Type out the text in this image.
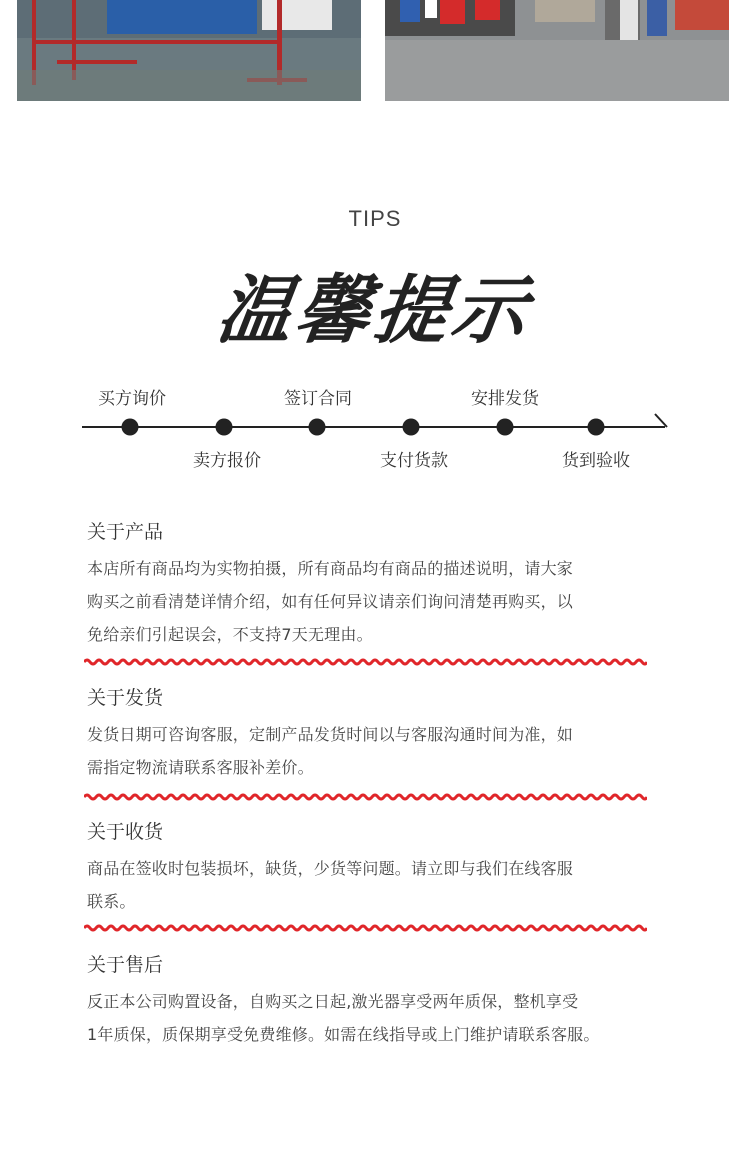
TIPS
温馨提示
买方询价
卖方报价
签订合同
支付货款
安排发货
货到验收
关于产品
本店所有商品均为实物拍摄，所有商品均有商品的描述说明，请大家
购买之前看清楚详情介绍，如有任何异议请亲们询问清楚再购买，以
免给亲们引起误会，不支持7天无理由。
关于发货
发货日期可咨询客服，定制产品发货时间以与客服沟通时间为准，如
需指定物流请联系客服补差价。
关于收货
商品在签收时包装损坏，缺货，少货等问题。请立即与我们在线客服
联系。
关于售后
反正本公司购置设备，自购买之日起,激光器享受两年质保，整机享受
1年质保，质保期享受免费维修。如需在线指导或上门维护请联系客服。
